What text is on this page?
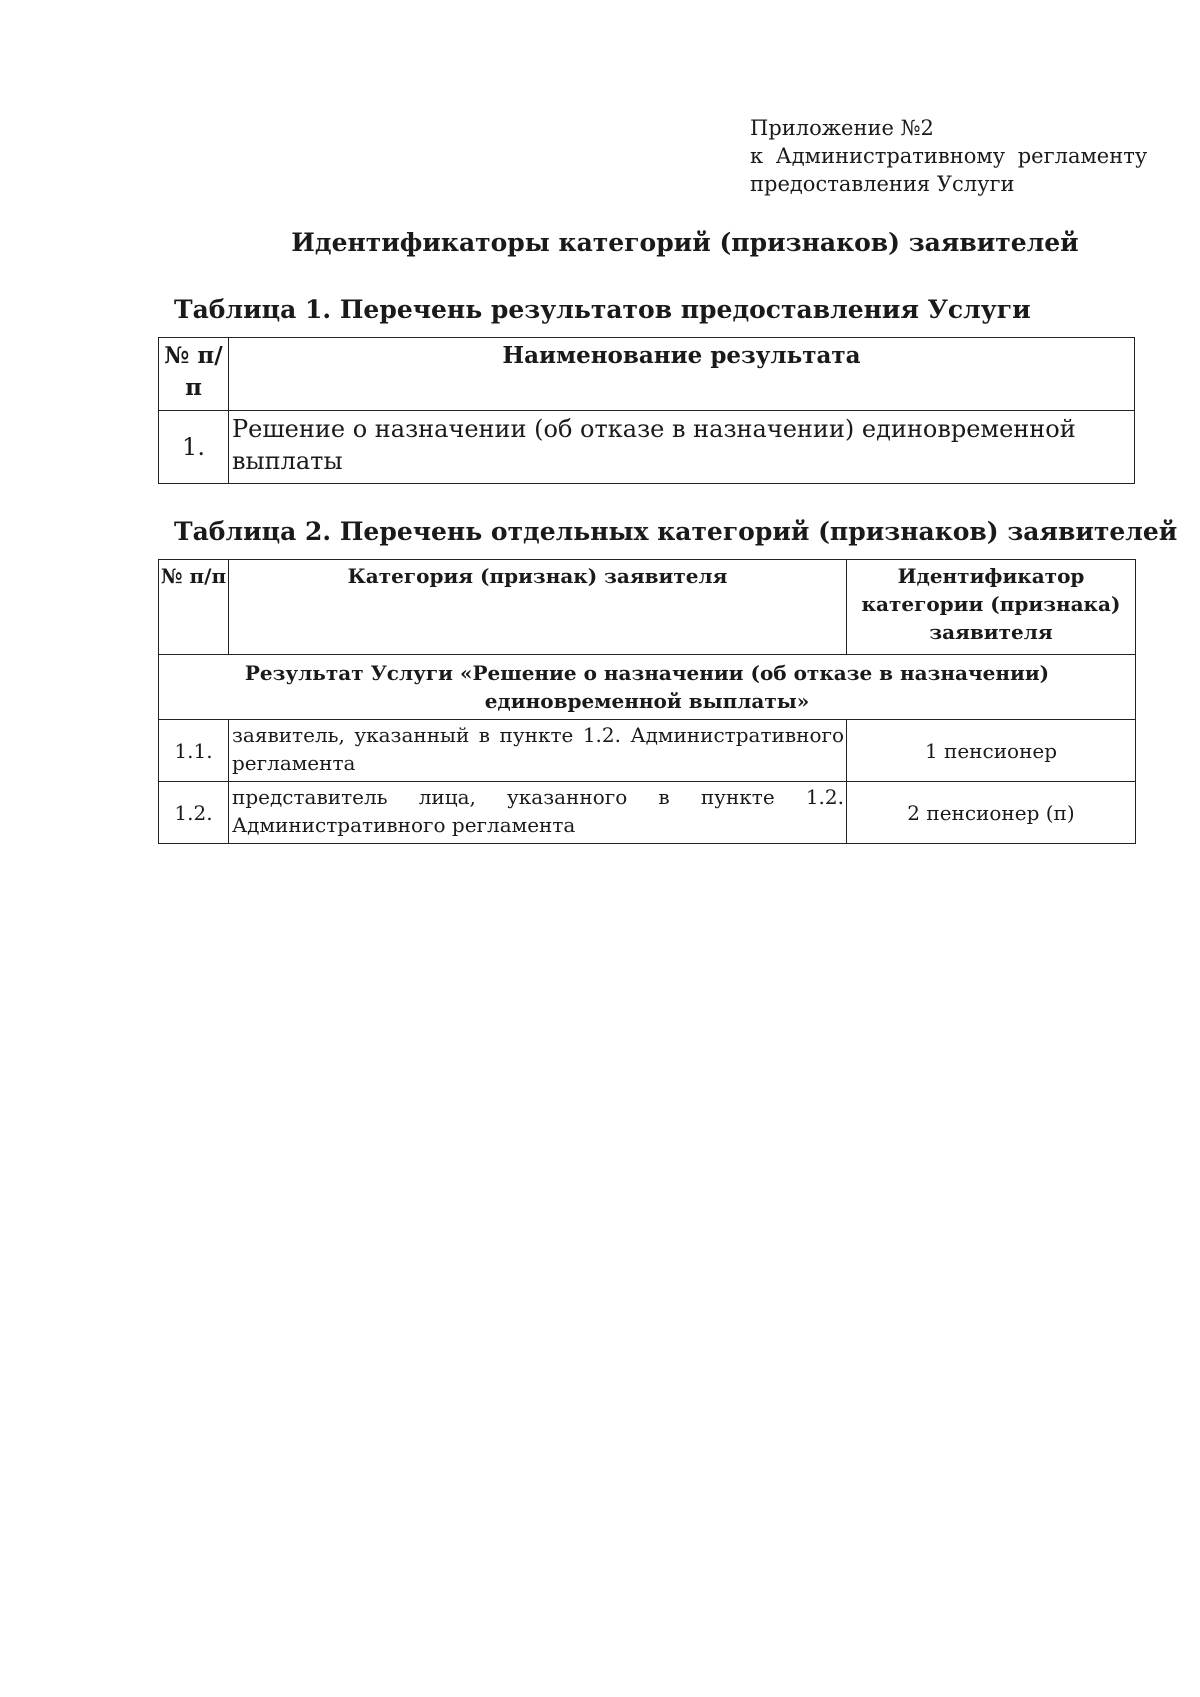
Приложение №2
к Административному регламенту
предоставления Услуги
Идентификаторы категорий (признаков) заявителей
Таблица 1. Перечень результатов предоставления Услуги
№ п/п	Наименование результата
1.	Решение о назначении (об отказе в назначении) единовременной выплаты
Таблица 2. Перечень отдельных категорий (признаков) заявителей
№ п/п	Категория (признак) заявителя	Идентификатор категории (признака) заявителя
Результат Услуги «Решение о назначении (об отказе в назначении) единовременной выплаты»		
1.1.	заявитель, указанный в пункте 1.2. Административного регламента	1 пенсионер
1.2.	представитель лица, указанного в пункте 1.2. Административного регламента	2 пенсионер (п)
